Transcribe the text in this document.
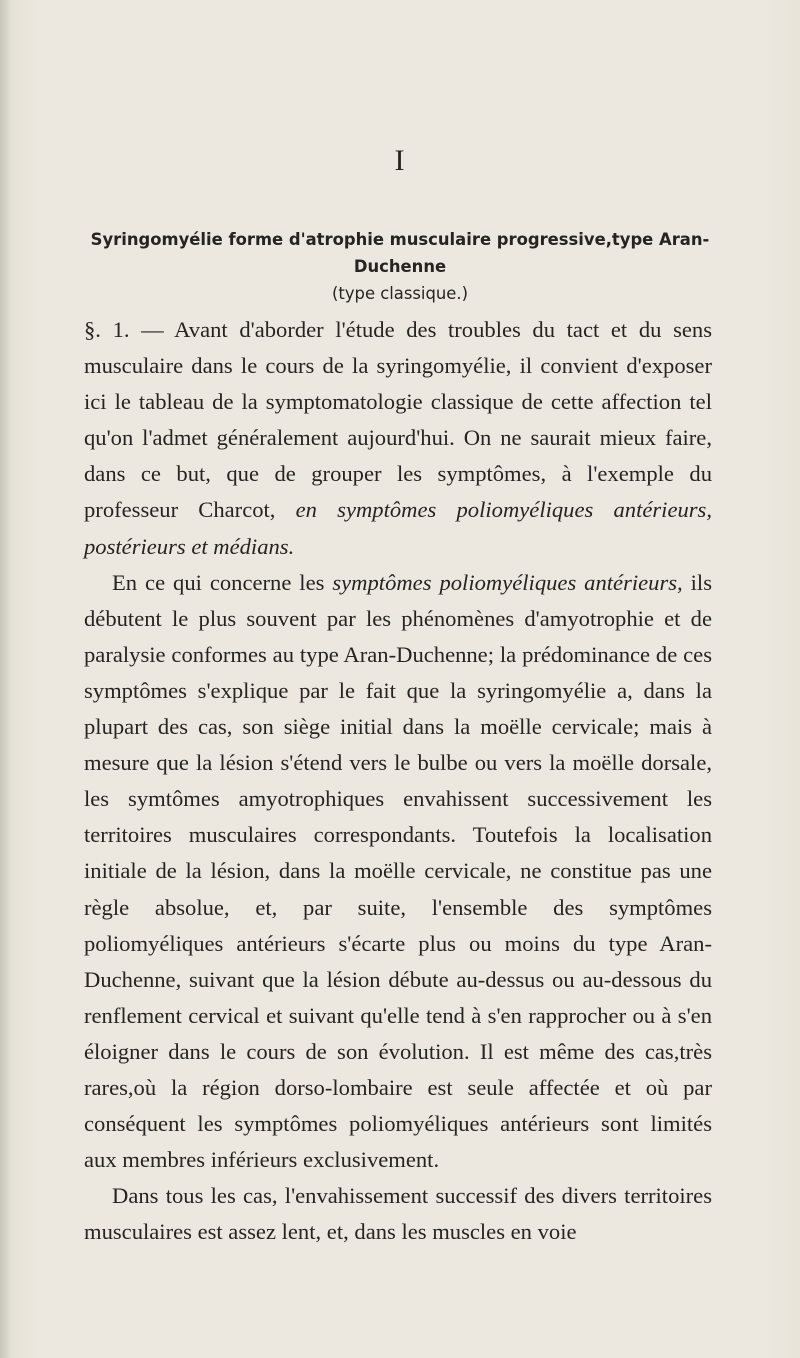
I
Syringomyélie forme d'atrophie musculaire progressive,type Aran-Duchenne
(type classique.)

§. 1. — Avant d'aborder l'étude des troubles du tact et du sens musculaire dans le cours de la syringomyélie, il convient d'exposer ici le tableau de la symptomatologie classique de cette affection tel qu'on l'admet généralement aujourd'hui. On ne saurait mieux faire, dans ce but, que de grouper les symptômes, à l'exemple du professeur Charcot, en symptômes poliomyéliques antérieurs, postérieurs et médians.

En ce qui concerne les symptômes poliomyéliques antérieurs, ils débutent le plus souvent par les phénomènes d'amyotrophie et de paralysie conformes au type Aran-Duchenne; la prédominance de ces symptômes s'explique par le fait que la syringomyélie a, dans la plupart des cas, son siège initial dans la moëlle cervicale; mais à mesure que la lésion s'étend vers le bulbe ou vers la moëlle dorsale, les symtômes amyotrophiques envahissent successivement les territoires musculaires correspondants. Toutefois la localisation initiale de la lésion, dans la moëlle cervicale, ne constitue pas une règle absolue, et, par suite, l'ensemble des symptômes poliomyéliques antérieurs s'écarte plus ou moins du type Aran-Duchenne, suivant que la lésion débute au-dessus ou au-dessous du renflement cervical et suivant qu'elle tend à s'en rapprocher ou à s'en éloigner dans le cours de son évolution. Il est même des cas,très rares,où la région dorso-lombaire est seule affectée et où par conséquent les symptômes poliomyéliques antérieurs sont limités aux membres inférieurs exclusivement.

Dans tous les cas, l'envahissement successif des divers territoires musculaires est assez lent, et, dans les muscles en voie
